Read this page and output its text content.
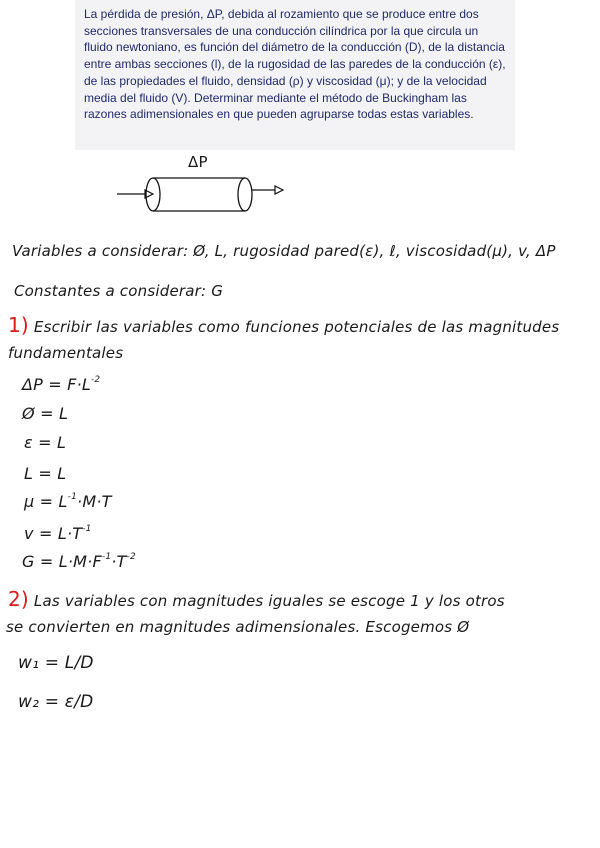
La pérdida de presión, ΔP, debida al rozamiento que se produce entre dos secciones transversales de una conducción cilíndrica por la que circula un fluido newtoniano, es función del diámetro de la conducción (D), de la distancia entre ambas secciones (l), de la rugosidad de las paredes de la conducción (ε), de las propiedades el fluido, densidad (ρ) y viscosidad (μ); y de la velocidad media del fluido (V). Determinar mediante el método de Buckingham las razones adimensionales en que pueden agruparse todas estas variables.

ΔP
Variables a considerar: Ø, L, rugosidad pared(ε), ℓ, viscosidad(μ), v, ΔP
Constantes a considerar: G
1) Escribir las variables como funciones potenciales de las magnitudes
fundamentales
$\Delta P = F\cdot L^{-2}$
Ø = L
ε = L
L = L
$\mu = L^{-1}\cdot M\cdot T$
$v = L\cdot T^{-1}$
$G = L\cdot M\cdot F^{-1}\cdot T^{-2}$
2) Las variables con magnitudes iguales se escoge 1 y los otros
se convierten en magnitudes adimensionales. Escogemos Ø
w₁ = L/D
w₂ = ε/D
